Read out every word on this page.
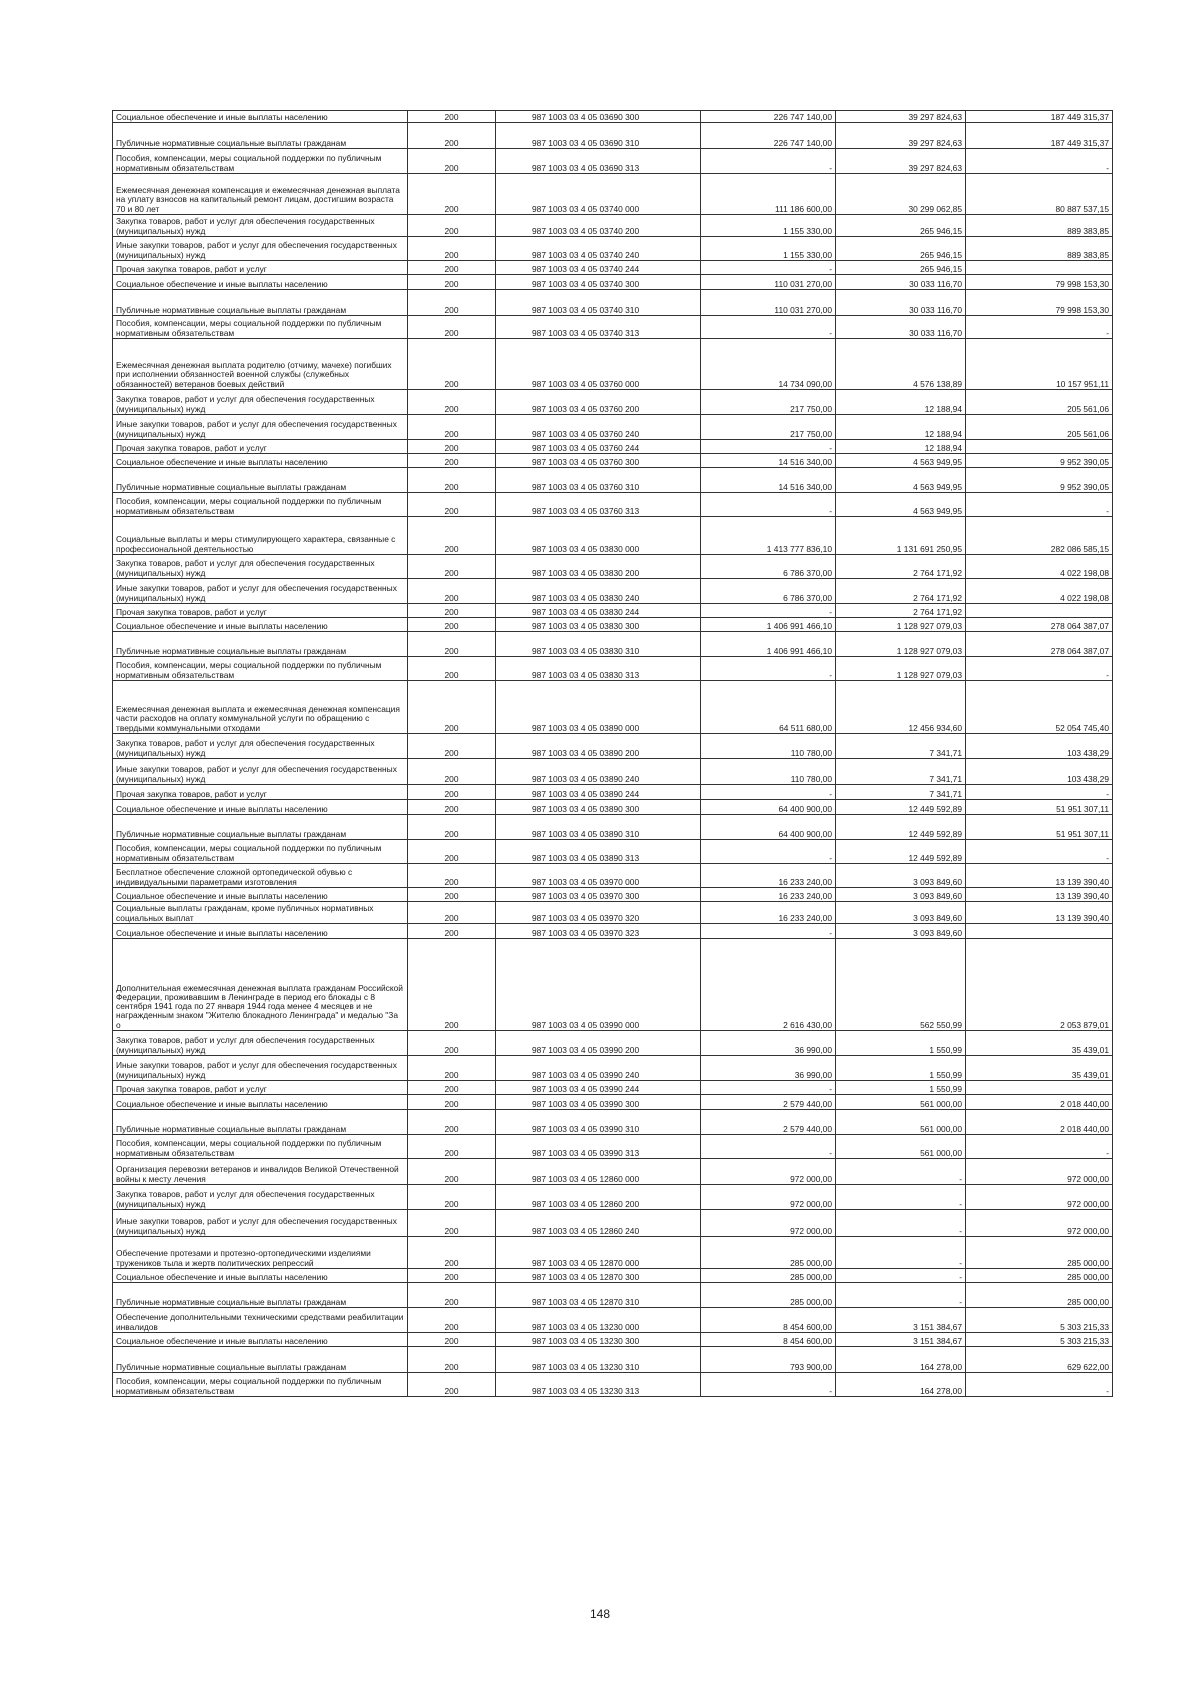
Социальное обеспечение и иные выплаты населению	200	987 1003 03 4 05 03690 300	226 747 140,00	39 297 824,63	187 449 315,37
Публичные нормативные социальные выплаты гражданам	200	987 1003 03 4 05 03690 310	226 747 140,00	39 297 824,63	187 449 315,37
Пособия, компенсации, меры социальной поддержки по публичным нормативным обязательствам	200	987 1003 03 4 05 03690 313	-	39 297 824,63	-
Ежемесячная денежная компенсация и ежемесячная денежная выплата на уплату взносов на капитальный ремонт лицам, достигшим возраста 70 и 80 лет	200	987 1003 03 4 05 03740 000	111 186 600,00	30 299 062,85	80 887 537,15
Закупка товаров, работ и услуг для обеспечения государственных (муниципальных) нужд	200	987 1003 03 4 05 03740 200	1 155 330,00	265 946,15	889 383,85
Иные закупки товаров, работ и услуг для обеспечения государственных (муниципальных) нужд	200	987 1003 03 4 05 03740 240	1 155 330,00	265 946,15	889 383,85
Прочая закупка товаров, работ и услуг	200	987 1003 03 4 05 03740 244	-	265 946,15	
Социальное обеспечение и иные выплаты населению	200	987 1003 03 4 05 03740 300	110 031 270,00	30 033 116,70	79 998 153,30
Публичные нормативные социальные выплаты гражданам	200	987 1003 03 4 05 03740 310	110 031 270,00	30 033 116,70	79 998 153,30
Пособия, компенсации, меры социальной поддержки по публичным нормативным обязательствам	200	987 1003 03 4 05 03740 313	-	30 033 116,70	-
Ежемесячная денежная выплата родителю (отчиму, мачехе) погибших при исполнении обязанностей военной службы (служебных обязанностей) ветеранов боевых действий	200	987 1003 03 4 05 03760 000	14 734 090,00	4 576 138,89	10 157 951,11
Закупка товаров, работ и услуг для обеспечения государственных (муниципальных) нужд	200	987 1003 03 4 05 03760 200	217 750,00	12 188,94	205 561,06
Иные закупки товаров, работ и услуг для обеспечения государственных (муниципальных) нужд	200	987 1003 03 4 05 03760 240	217 750,00	12 188,94	205 561,06
Прочая закупка товаров, работ и услуг	200	987 1003 03 4 05 03760 244	-	12 188,94	
Социальное обеспечение и иные выплаты населению	200	987 1003 03 4 05 03760 300	14 516 340,00	4 563 949,95	9 952 390,05
Публичные нормативные социальные выплаты гражданам	200	987 1003 03 4 05 03760 310	14 516 340,00	4 563 949,95	9 952 390,05
Пособия, компенсации, меры социальной поддержки по публичным нормативным обязательствам	200	987 1003 03 4 05 03760 313	-	4 563 949,95	-
Социальные выплаты и меры стимулирующего характера, связанные с профессиональной деятельностью	200	987 1003 03 4 05 03830 000	1 413 777 836,10	1 131 691 250,95	282 086 585,15
Закупка товаров, работ и услуг для обеспечения государственных (муниципальных) нужд	200	987 1003 03 4 05 03830 200	6 786 370,00	2 764 171,92	4 022 198,08
Иные закупки товаров, работ и услуг для обеспечения государственных (муниципальных) нужд	200	987 1003 03 4 05 03830 240	6 786 370,00	2 764 171,92	4 022 198,08
Прочая закупка товаров, работ и услуг	200	987 1003 03 4 05 03830 244	-	2 764 171,92	
Социальное обеспечение и иные выплаты населению	200	987 1003 03 4 05 03830 300	1 406 991 466,10	1 128 927 079,03	278 064 387,07
Публичные нормативные социальные выплаты гражданам	200	987 1003 03 4 05 03830 310	1 406 991 466,10	1 128 927 079,03	278 064 387,07
Пособия, компенсации, меры социальной поддержки по публичным нормативным обязательствам	200	987 1003 03 4 05 03830 313	-	1 128 927 079,03	-
Ежемесячная денежная выплата и ежемесячная денежная компенсация части расходов на оплату коммунальной услуги по обращению с твердыми коммунальными отходами	200	987 1003 03 4 05 03890 000	64 511 680,00	12 456 934,60	52 054 745,40
Закупка товаров, работ и услуг для обеспечения государственных (муниципальных) нужд	200	987 1003 03 4 05 03890 200	110 780,00	7 341,71	103 438,29
Иные закупки товаров, работ и услуг для обеспечения государственных (муниципальных) нужд	200	987 1003 03 4 05 03890 240	110 780,00	7 341,71	103 438,29
Прочая закупка товаров, работ и услуг	200	987 1003 03 4 05 03890 244	-	7 341,71	-
Социальное обеспечение и иные выплаты населению	200	987 1003 03 4 05 03890 300	64 400 900,00	12 449 592,89	51 951 307,11
Публичные нормативные социальные выплаты гражданам	200	987 1003 03 4 05 03890 310	64 400 900,00	12 449 592,89	51 951 307,11
Пособия, компенсации, меры социальной поддержки по публичным нормативным обязательствам	200	987 1003 03 4 05 03890 313	-	12 449 592,89	-
Бесплатное обеспечение сложной ортопедической обувью с индивидуальными параметрами изготовления	200	987 1003 03 4 05 03970 000	16 233 240,00	3 093 849,60	13 139 390,40
Социальное обеспечение и иные выплаты населению	200	987 1003 03 4 05 03970 300	16 233 240,00	3 093 849,60	13 139 390,40
Социальные выплаты гражданам, кроме публичных нормативных социальных выплат	200	987 1003 03 4 05 03970 320	16 233 240,00	3 093 849,60	13 139 390,40
Социальное обеспечение и иные выплаты населению	200	987 1003 03 4 05 03970 323	-	3 093 849,60	
Дополнительная ежемесячная денежная выплата гражданам Российской Федерации, проживавшим в Ленинграде в период его блокады с 8 сентября 1941 года по 27 января 1944 года менее 4 месяцев и не награжденным знаком "Жителю блокадного Ленинграда" и медалью "За о	200	987 1003 03 4 05 03990 000	2 616 430,00	562 550,99	2 053 879,01
Закупка товаров, работ и услуг для обеспечения государственных (муниципальных) нужд	200	987 1003 03 4 05 03990 200	36 990,00	1 550,99	35 439,01
Иные закупки товаров, работ и услуг для обеспечения государственных (муниципальных) нужд	200	987 1003 03 4 05 03990 240	36 990,00	1 550,99	35 439,01
Прочая закупка товаров, работ и услуг	200	987 1003 03 4 05 03990 244	-	1 550,99	
Социальное обеспечение и иные выплаты населению	200	987 1003 03 4 05 03990 300	2 579 440,00	561 000,00	2 018 440,00
Публичные нормативные социальные выплаты гражданам	200	987 1003 03 4 05 03990 310	2 579 440,00	561 000,00	2 018 440,00
Пособия, компенсации, меры социальной поддержки по публичным нормативным обязательствам	200	987 1003 03 4 05 03990 313	-	561 000,00	-
Организация перевозки ветеранов и инвалидов Великой Отечественной войны к месту лечения	200	987 1003 03 4 05 12860 000	972 000,00	-	972 000,00
Закупка товаров, работ и услуг для обеспечения государственных (муниципальных) нужд	200	987 1003 03 4 05 12860 200	972 000,00	-	972 000,00
Иные закупки товаров, работ и услуг для обеспечения государственных (муниципальных) нужд	200	987 1003 03 4 05 12860 240	972 000,00	-	972 000,00
Обеспечение протезами и протезно-ортопедическими изделиями тружеников тыла и жертв политических репрессий	200	987 1003 03 4 05 12870 000	285 000,00	-	285 000,00
Социальное обеспечение и иные выплаты населению	200	987 1003 03 4 05 12870 300	285 000,00	-	285 000,00
Публичные нормативные социальные выплаты гражданам	200	987 1003 03 4 05 12870 310	285 000,00	-	285 000,00
Обеспечение дополнительными техническими средствами реабилитации инвалидов	200	987 1003 03 4 05 13230 000	8 454 600,00	3 151 384,67	5 303 215,33
Социальное обеспечение и иные выплаты населению	200	987 1003 03 4 05 13230 300	8 454 600,00	3 151 384,67	5 303 215,33
Публичные нормативные социальные выплаты гражданам	200	987 1003 03 4 05 13230 310	793 900,00	164 278,00	629 622,00
Пособия, компенсации, меры социальной поддержки по публичным нормативным обязательствам	200	987 1003 03 4 05 13230 313	-	164 278,00	-
148
